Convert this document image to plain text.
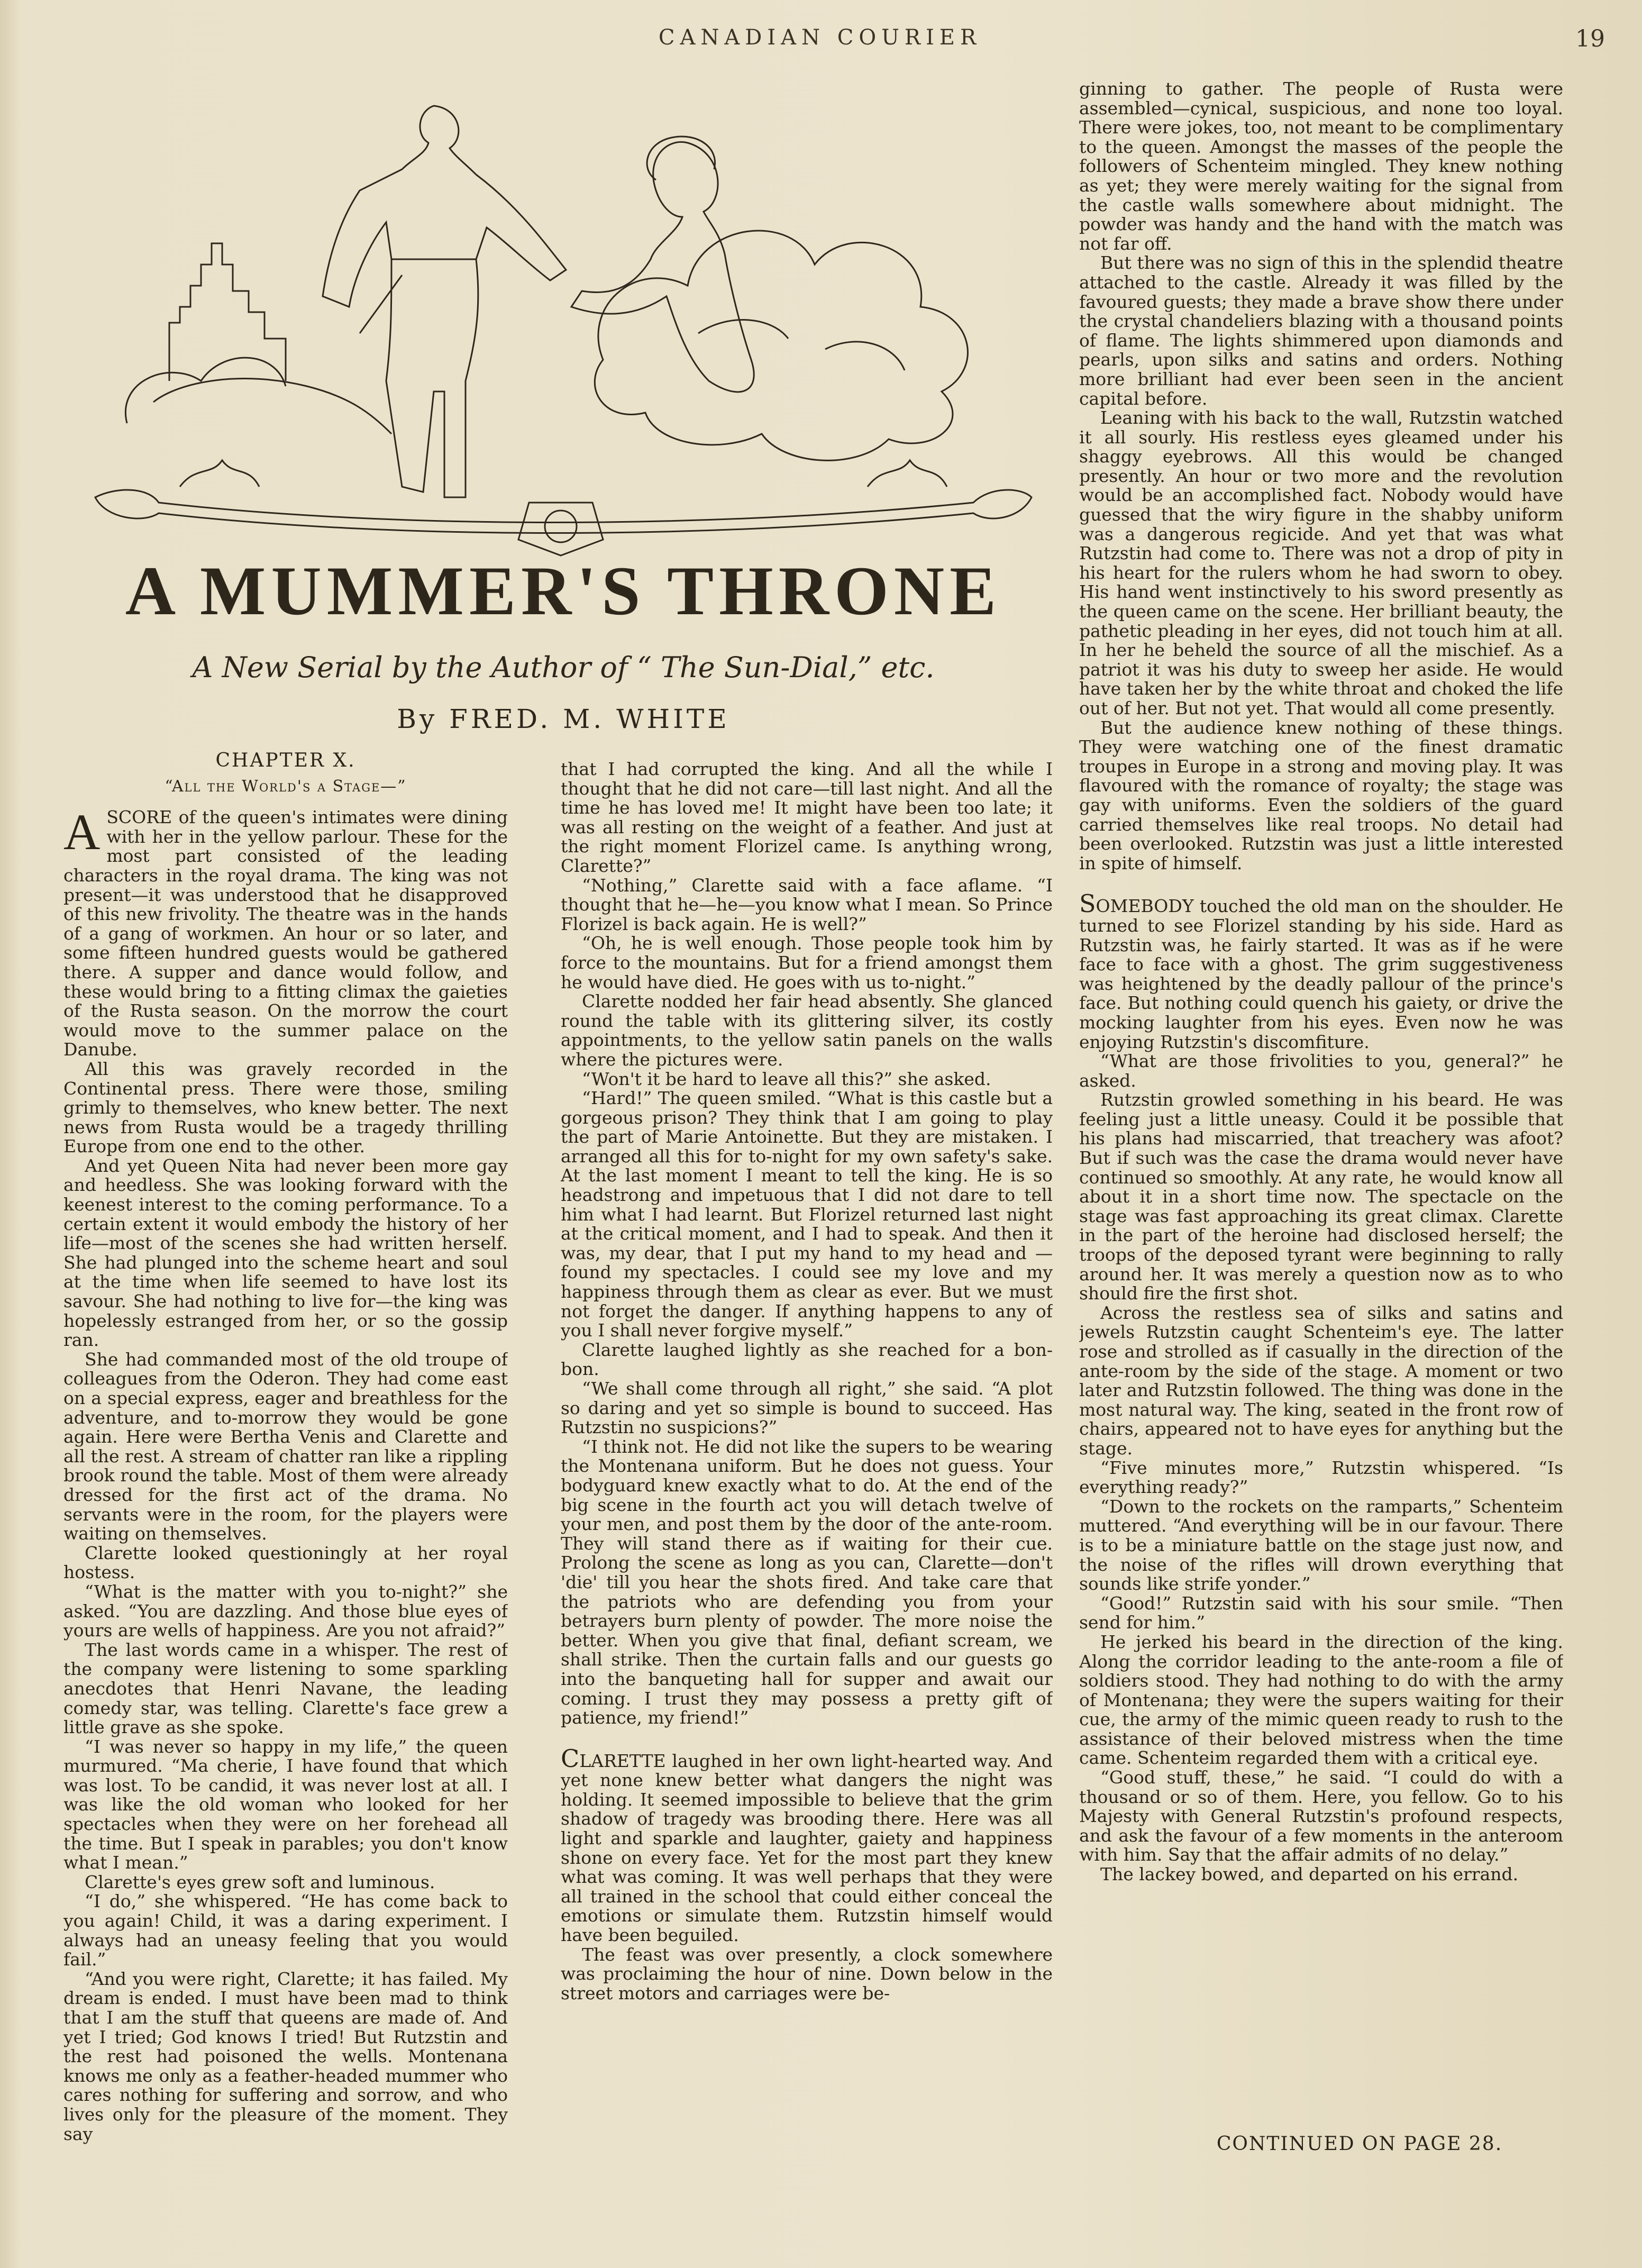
CANADIAN COURIER	19
A MUMMER'S THRONE
A New Serial by the Author of “ The Sun-Dial,” etc.
By FRED. M. WHITE
CHAPTER X.
“All the World's a Stage—”

A SCORE of the queen's intimates were dining with her in the yellow parlour. These for the most part consisted of the leading characters in the royal drama. The king was not present—it was understood that he disapproved of this new frivolity. The theatre was in the hands of a gang of workmen. An hour or so later, and some fifteen hundred guests would be gathered there. A supper and dance would follow, and these would bring to a fitting climax the gaieties of the Rusta season. On the morrow the court would move to the summer palace on the Danube.

All this was gravely recorded in the Continental press. There were those, smiling grimly to themselves, who knew better. The next news from Rusta would be a tragedy thrilling Europe from one end to the other.

And yet Queen Nita had never been more gay and heedless. She was looking forward with the keenest interest to the coming performance. To a certain extent it would embody the history of her life—most of the scenes she had written herself. She had plunged into the scheme heart and soul at the time when life seemed to have lost its savour. She had nothing to live for—the king was hopelessly estranged from her, or so the gossip ran.

She had commanded most of the old troupe of colleagues from the Oderon. They had come east on a special express, eager and breathless for the adventure, and to-morrow they would be gone again. Here were Bertha Venis and Clarette and all the rest. A stream of chatter ran like a rippling brook round the table. Most of them were already dressed for the first act of the drama. No servants were in the room, for the players were waiting on themselves.

Clarette looked questioningly at her royal hostess.

“What is the matter with you to-night?” she asked. “You are dazzling. And those blue eyes of yours are wells of happiness. Are you not afraid?”

The last words came in a whisper. The rest of the company were listening to some sparkling anecdotes that Henri Navane, the leading comedy star, was telling. Clarette's face grew a little grave as she spoke.

“I was never so happy in my life,” the queen murmured. “Ma cherie, I have found that which was lost. To be candid, it was never lost at all. I was like the old woman who looked for her spectacles when they were on her forehead all the time. But I speak in parables; you don't know what I mean.”

Clarette's eyes grew soft and luminous.

“I do,” she whispered. “He has come back to you again! Child, it was a daring experiment. I always had an uneasy feeling that you would fail.”

“And you were right, Clarette; it has failed. My dream is ended. I must have been mad to think that I am the stuff that queens are made of. And yet I tried; God knows I tried! But Rutzstin and the rest had poisoned the wells. Montenana knows me only as a feather-headed mummer who cares nothing for suffering and sorrow, and who lives only for the pleasure of the moment. They say

that I had corrupted the king. And all the while I thought that he did not care—till last night. And all the time he has loved me! It might have been too late; it was all resting on the weight of a feather. And just at the right moment Florizel came. Is anything wrong, Clarette?”

“Nothing,” Clarette said with a face aflame. “I thought that he—he—you know what I mean. So Prince Florizel is back again. He is well?”

“Oh, he is well enough. Those people took him by force to the mountains. But for a friend amongst them he would have died. He goes with us to-night.”

Clarette nodded her fair head absently. She glanced round the table with its glittering silver, its costly appointments, to the yellow satin panels on the walls where the pictures were.

“Won't it be hard to leave all this?” she asked.

“Hard!” The queen smiled. “What is this castle but a gorgeous prison? They think that I am going to play the part of Marie Antoinette. But they are mistaken. I arranged all this for to-night for my own safety's sake. At the last moment I meant to tell the king. He is so headstrong and impetuous that I did not dare to tell him what I had learnt. But Florizel returned last night at the critical moment, and I had to speak. And then it was, my dear, that I put my hand to my head and —found my spectacles. I could see my love and my happiness through them as clear as ever. But we must not forget the danger. If anything happens to any of you I shall never forgive myself.”

Clarette laughed lightly as she reached for a bon-bon.

“We shall come through all right,” she said. “A plot so daring and yet so simple is bound to succeed. Has Rutzstin no suspicions?”

“I think not. He did not like the supers to be wearing the Montenana uniform. But he does not guess. Your bodyguard knew exactly what to do. At the end of the big scene in the fourth act you will detach twelve of your men, and post them by the door of the ante-room. They will stand there as if waiting for their cue. Prolong the scene as long as you can, Clarette—don't 'die' till you hear the shots fired. And take care that the patriots who are defending you from your betrayers burn plenty of powder. The more noise the better. When you give that final, defiant scream, we shall strike. Then the curtain falls and our guests go into the banqueting hall for supper and await our coming. I trust they may possess a pretty gift of patience, my friend!”

CLARETTE laughed in her own light-hearted way. And yet none knew better what dangers the night was holding. It seemed impossible to believe that the grim shadow of tragedy was brooding there. Here was all light and sparkle and laughter, gaiety and happiness shone on every face. Yet for the most part they knew what was coming. It was well perhaps that they were all trained in the school that could either conceal the emotions or simulate them. Rutzstin himself would have been beguiled.

The feast was over presently, a clock somewhere was proclaiming the hour of nine. Down below in the street motors and carriages were be-

ginning to gather. The people of Rusta were assembled—cynical, suspicious, and none too loyal. There were jokes, too, not meant to be complimentary to the queen. Amongst the masses of the people the followers of Schenteim mingled. They knew nothing as yet; they were merely waiting for the signal from the castle walls somewhere about midnight. The powder was handy and the hand with the match was not far off.

But there was no sign of this in the splendid theatre attached to the castle. Already it was filled by the favoured guests; they made a brave show there under the crystal chandeliers blazing with a thousand points of flame. The lights shimmered upon diamonds and pearls, upon silks and satins and orders. Nothing more brilliant had ever been seen in the ancient capital before.

Leaning with his back to the wall, Rutzstin watched it all sourly. His restless eyes gleamed under his shaggy eyebrows. All this would be changed presently. An hour or two more and the revolution would be an accomplished fact. Nobody would have guessed that the wiry figure in the shabby uniform was a dangerous regicide. And yet that was what Rutzstin had come to. There was not a drop of pity in his heart for the rulers whom he had sworn to obey. His hand went instinctively to his sword presently as the queen came on the scene. Her brilliant beauty, the pathetic pleading in her eyes, did not touch him at all. In her he beheld the source of all the mischief. As a patriot it was his duty to sweep her aside. He would have taken her by the white throat and choked the life out of her. But not yet. That would all come presently.

But the audience knew nothing of these things. They were watching one of the finest dramatic troupes in Europe in a strong and moving play. It was flavoured with the romance of royalty; the stage was gay with uniforms. Even the soldiers of the guard carried themselves like real troops. No detail had been overlooked. Rutzstin was just a little interested in spite of himself.

SOMEBODY touched the old man on the shoulder. He turned to see Florizel standing by his side. Hard as Rutzstin was, he fairly started. It was as if he were face to face with a ghost. The grim suggestiveness was heightened by the deadly pallour of the prince's face. But nothing could quench his gaiety, or drive the mocking laughter from his eyes. Even now he was enjoying Rutzstin's discomfiture.

“What are those frivolities to you, general?” he asked.

Rutzstin growled something in his beard. He was feeling just a little uneasy. Could it be possible that his plans had miscarried, that treachery was afoot? But if such was the case the drama would never have continued so smoothly. At any rate, he would know all about it in a short time now. The spectacle on the stage was fast approaching its great climax. Clarette in the part of the heroine had disclosed herself; the troops of the deposed tyrant were beginning to rally around her. It was merely a question now as to who should fire the first shot.

Across the restless sea of silks and satins and jewels Rutzstin caught Schenteim's eye. The latter rose and strolled as if casually in the direction of the ante-room by the side of the stage. A moment or two later and Rutzstin followed. The thing was done in the most natural way. The king, seated in the front row of chairs, appeared not to have eyes for anything but the stage.

“Five minutes more,” Rutzstin whispered. “Is everything ready?”

“Down to the rockets on the ramparts,” Schenteim muttered. “And everything will be in our favour. There is to be a miniature battle on the stage just now, and the noise of the rifles will drown everything that sounds like strife yonder.”

“Good!” Rutzstin said with his sour smile. “Then send for him.”

He jerked his beard in the direction of the king. Along the corridor leading to the ante-room a file of soldiers stood. They had nothing to do with the army of Montenana; they were the supers waiting for their cue, the army of the mimic queen ready to rush to the assistance of their beloved mistress when the time came. Schenteim regarded them with a critical eye.

“Good stuff, these,” he said. “I could do with a thousand or so of them. Here, you fellow. Go to his Majesty with General Rutzstin's profound respects, and ask the favour of a few moments in the anteroom with him. Say that the affair admits of no delay.”

The lackey bowed, and departed on his errand.

CONTINUED ON PAGE 28.
